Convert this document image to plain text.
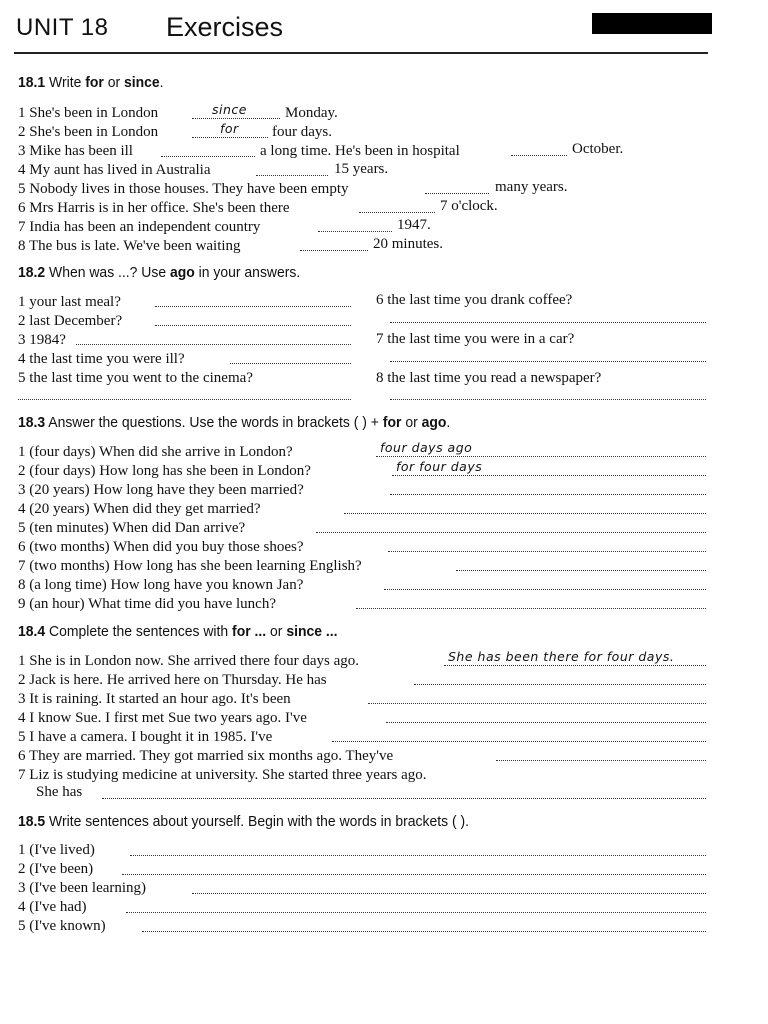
UNIT 18 Exercises
18.1 Write for or since.
1 She's been in London	since	Monday.
2 She's been in London	for four days.
3 Mike has been ill	a long time. He's been in hospital	October.
4 My aunt has lived in Australia	15 years.
5 Nobody lives in those houses. They have been empty	many years.
6 Mrs Harris is in her office. She's been there	7 o'clock.
7 India has been an independent country	1947.
8 The bus is late. We've been waiting	20 minutes.
18.2 When was ...? Use ago in your answers.
1 your last meal?
2 last December?
3 1984?
4 the last time you were ill?
5 the last time you went to the cinema?
6 the last time you drank coffee?
7 the last time you were in a car?
8 the last time you read a newspaper?
18.3 Answer the questions. Use the words in brackets ( ) + for or ago.
1 (four days) When did she arrive in London?	four days ago
2 (four days) How long has she been in London?	for four days
3 (20 years) How long have they been married?
4 (20 years) When did they get married?
5 (ten minutes) When did Dan arrive?
6 (two months) When did you buy those shoes?
7 (two months) How long has she been learning English?
8 (a long time) How long have you known Jan?
9 (an hour) What time did you have lunch?
18.4 Complete the sentences with for ... or since ...
1 She is in London now. She arrived there four days ago.	She has been there for four days.
2 Jack is here. He arrived here on Thursday. He has
3 It is raining. It started an hour ago. It's been
4 I know Sue. I first met Sue two years ago. I've
5 I have a camera. I bought it in 1985. I've
6 They are married. They got married six months ago. They've
7 Liz is studying medicine at university. She started three years ago.
She has
18.5 Write sentences about yourself. Begin with the words in brackets ( ).
1 (I've lived)
2 (I've been)
3 (I've been learning)
4 (I've had)
5 (I've known)
